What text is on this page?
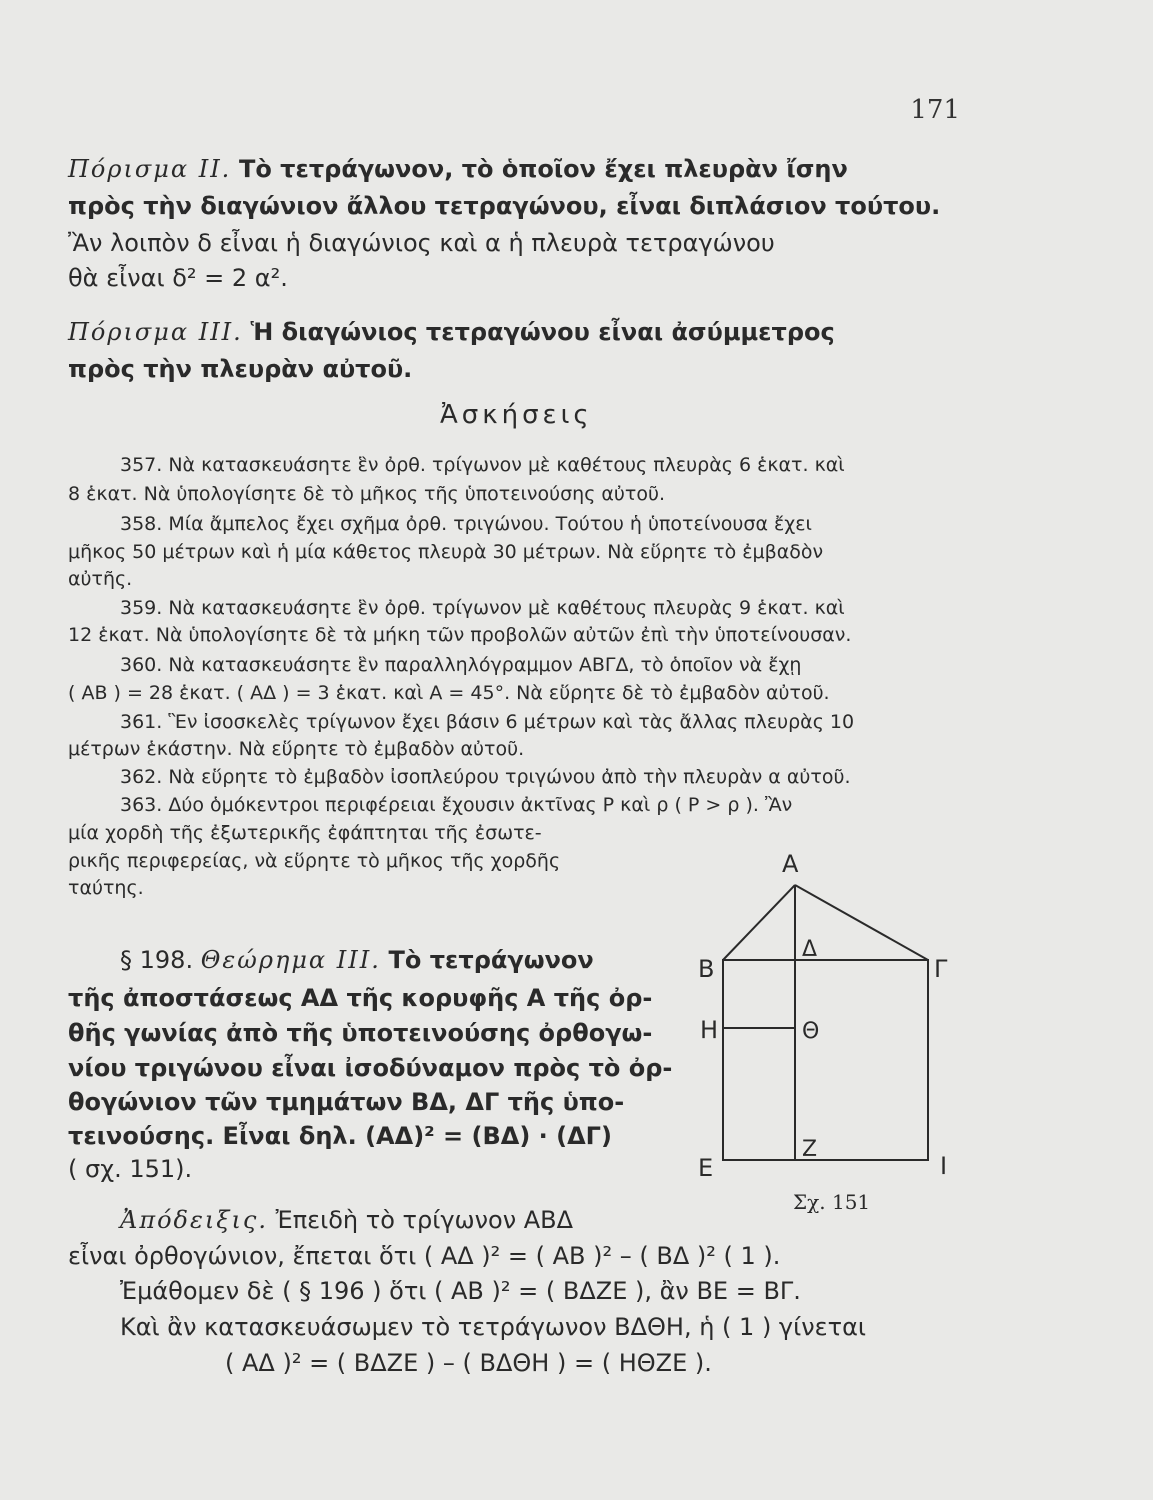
171
Πόρισμα ΙΙ. Τὸ τετράγωνον, τὸ ὁποῖον ἔχει πλευρὰν ἴσην
πρὸς τὴν διαγώνιον ἄλλου τετραγώνου, εἶναι διπλάσιον τούτου.
Ἂν λοιπὸν δ εἶναι ἡ διαγώνιος καὶ α ἡ πλευρὰ τετραγώνου
θὰ εἶναι δ² = 2 α².
Πόρισμα ΙΙΙ. Ἡ διαγώνιος τετραγώνου εἶναι ἀσύμμετρος
πρὸς τὴν πλευρὰν αὐτοῦ.
Ἀσκήσεις
357. Νὰ κατασκευάσητε ἓν ὀρθ. τρίγωνον μὲ καθέτους πλευρὰς 6 ἑκατ. καὶ
8 ἑκατ. Νὰ ὑπολογίσητε δὲ τὸ μῆκος τῆς ὑποτεινούσης αὐτοῦ.
358. Μία ἄμπελος ἔχει σχῆμα ὀρθ. τριγώνου. Τούτου ἡ ὑποτείνουσα ἔχει
μῆκος 50 μέτρων καὶ ἡ μία κάθετος πλευρὰ 30 μέτρων. Νὰ εὕρητε τὸ ἐμβαδὸν
αὐτῆς.
359. Νὰ κατασκευάσητε ἓν ὀρθ. τρίγωνον μὲ καθέτους πλευρὰς 9 ἑκατ. καὶ
12 ἑκατ. Νὰ ὑπολογίσητε δὲ τὰ μήκη τῶν προβολῶν αὐτῶν ἐπὶ τὴν ὑποτείνουσαν.
360. Νὰ κατασκευάσητε ἓν παραλληλόγραμμον ΑΒΓΔ, τὸ ὁποῖον νὰ ἔχῃ
( ΑΒ ) = 28 ἑκατ. ( ΑΔ ) = 3 ἑκατ. καὶ Α = 45°. Νὰ εὕρητε δὲ τὸ ἐμβαδὸν αὐτοῦ.
361. Ἓν ἰσοσκελὲς τρίγωνον ἔχει βάσιν 6 μέτρων καὶ τὰς ἄλλας πλευρὰς 10
μέτρων ἑκάστην. Νὰ εὕρητε τὸ ἐμβαδὸν αὐτοῦ.
362. Νὰ εὕρητε τὸ ἐμβαδὸν ἰσοπλεύρου τριγώνου ἀπὸ τὴν πλευρὰν α αὐτοῦ.
363. Δύο ὁμόκεντροι περιφέρειαι ἔχουσιν ἀκτῖνας Ρ καὶ ρ ( Ρ > ρ ). Ἂν
μία χορδὴ τῆς ἐξωτερικῆς ἐφάπτηται τῆς ἐσωτε-
ρικῆς περιφερείας, νὰ εὕρητε τὸ μῆκος τῆς χορδῆς
ταύτης.
§ 198. Θεώρημα ΙΙΙ. Τὸ τετράγωνον
τῆς ἀποστάσεως ΑΔ τῆς κορυφῆς Α τῆς ὀρ-
θῆς γωνίας ἀπὸ τῆς ὑποτεινούσης ὀρθογω-
νίου τριγώνου εἶναι ἰσοδύναμον πρὸς τὸ ὀρ-
θογώνιον τῶν τμημάτων ΒΔ, ΔΓ τῆς ὑπο-
τεινούσης. Εἶναι δηλ. (ΑΔ)² = (ΒΔ) · (ΔΓ)
( σχ. 151).
Α
Β	Γ
Δ
Η	Θ
Ε
Ζ
Ι
Σχ. 151
Ἀπόδειξις. Ἐπειδὴ τὸ τρίγωνον ΑΒΔ
εἶναι ὀρθογώνιον, ἔπεται ὅτι ( ΑΔ )² = ( ΑΒ )² – ( ΒΔ )² ( 1 ).
Ἐμάθομεν δὲ ( § 196 ) ὅτι ( ΑΒ )² = ( ΒΔΖΕ ), ἂν ΒΕ = ΒΓ.
Καὶ ἂν κατασκευάσωμεν τὸ τετράγωνον ΒΔΘΗ, ἡ ( 1 ) γίνεται
( ΑΔ )² = ( ΒΔΖΕ ) – ( ΒΔΘΗ ) = ( ΗΘΖΕ ).
